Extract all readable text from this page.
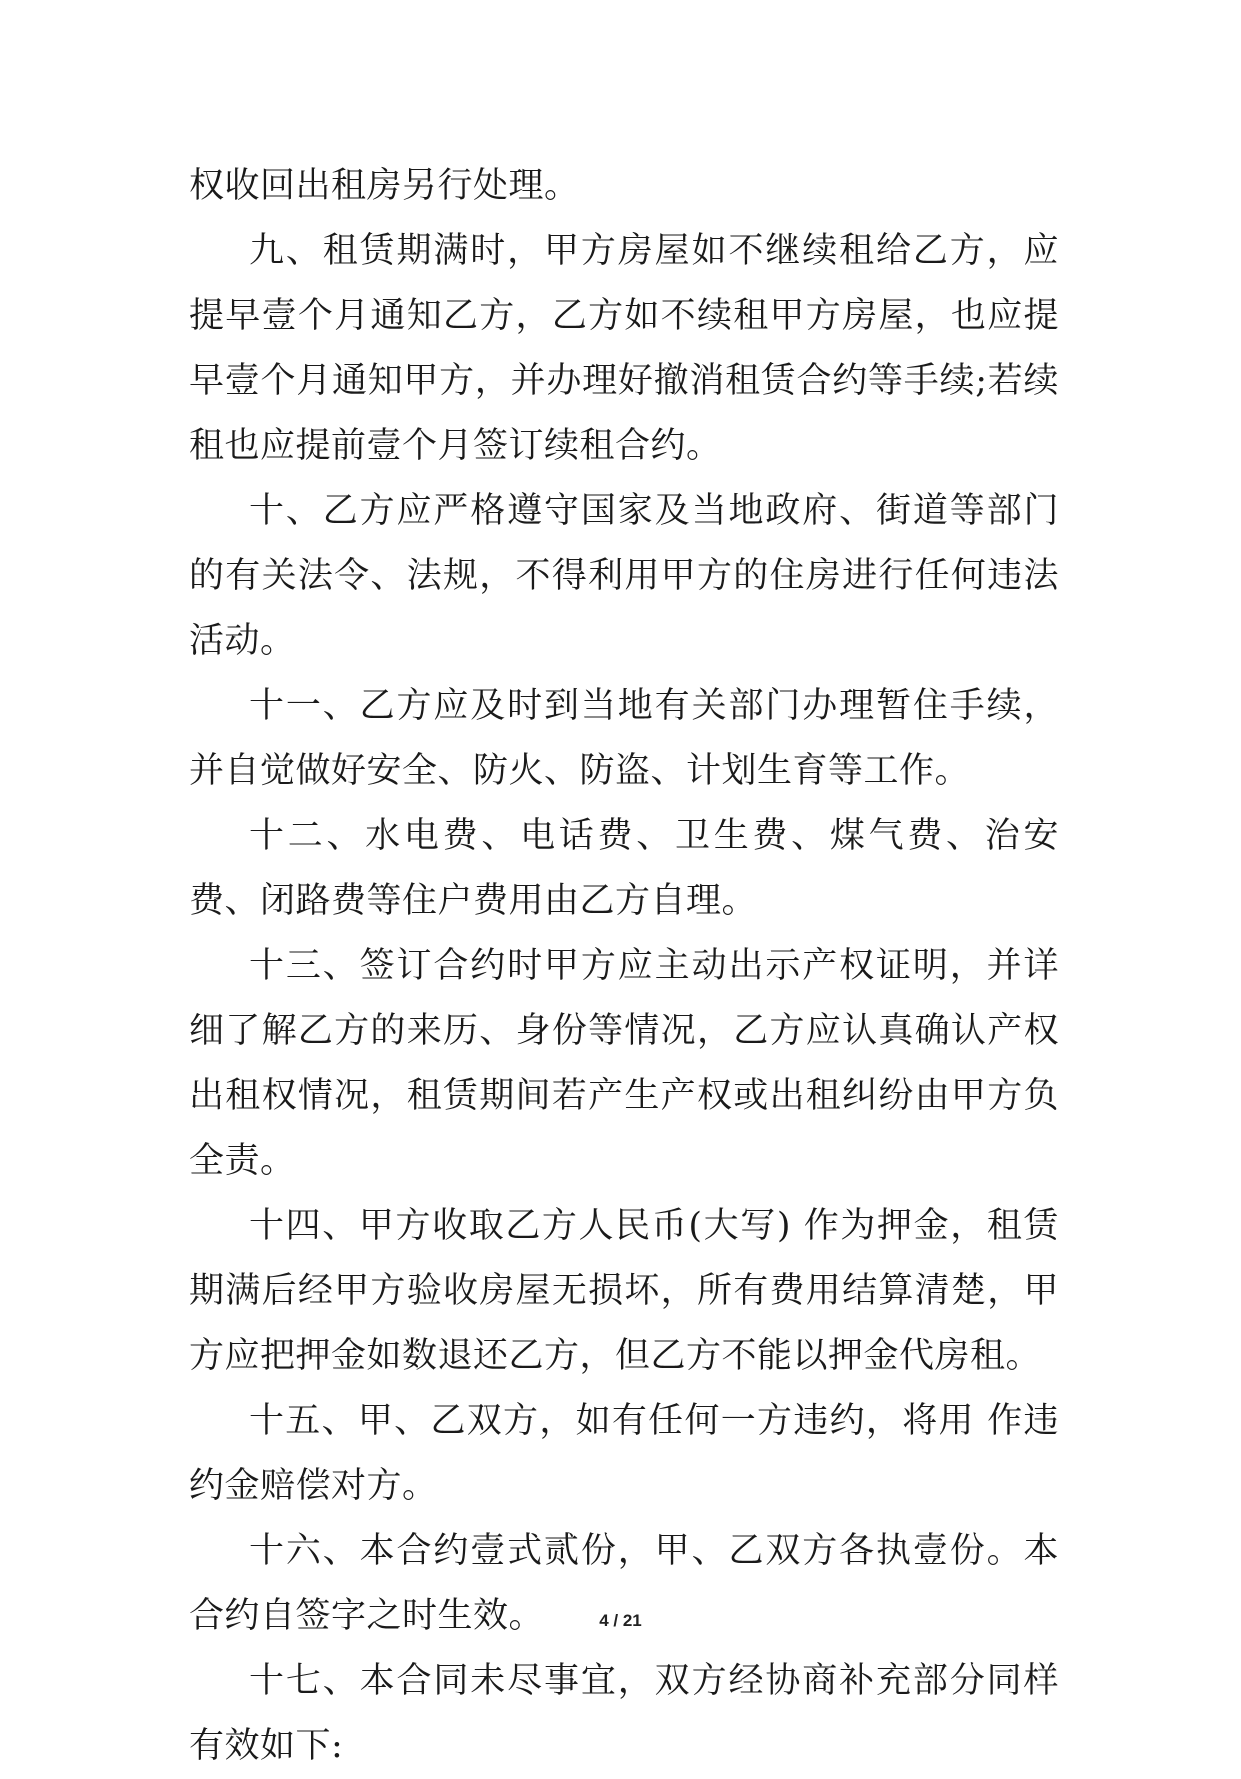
权收回出租房另行处理。

九、租赁期满时，甲方房屋如不继续租给乙方，应提早壹个月通知乙方，乙方如不续租甲方房屋，也应提早壹个月通知甲方，并办理好撤消租赁合约等手续;若续租也应提前壹个月签订续租合约。

十、乙方应严格遵守国家及当地政府、街道等部门的有关法令、法规，不得利用甲方的住房进行任何违法活动。

十一、乙方应及时到当地有关部门办理暂住手续，并自觉做好安全、防火、防盗、计划生育等工作。

十二、水电费、电话费、卫生费、煤气费、治安费、闭路费等住户费用由乙方自理。

十三、签订合约时甲方应主动出示产权证明，并详细了解乙方的来历、身份等情况，乙方应认真确认产权出租权情况，租赁期间若产生产权或出租纠纷由甲方负全责。

十四、甲方收取乙方人民币(大写) 作为押金，租赁期满后经甲方验收房屋无损坏，所有费用结算清楚，甲方应把押金如数退还乙方，但乙方不能以押金代房租。

十五、甲、乙双方，如有任何一方违约，将用 作违约金赔偿对方。

十六、本合约壹式贰份，甲、乙双方各执壹份。本合约自签字之时生效。

十七、本合同未尽事宜，双方经协商补充部分同样有效如下:

4 / 21
